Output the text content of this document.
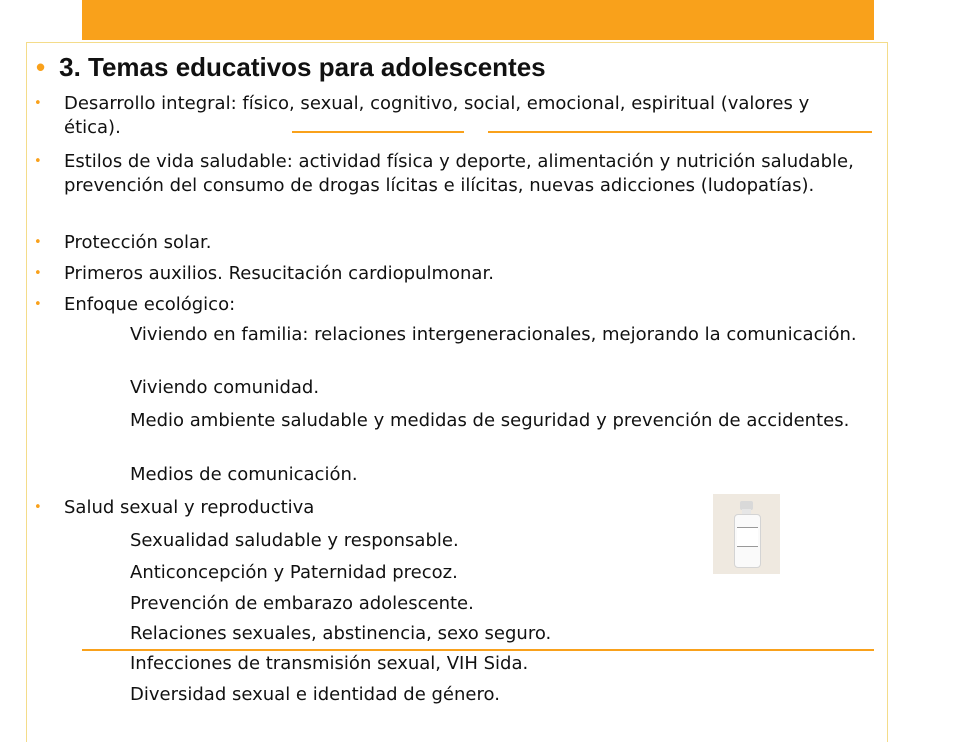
• 3. Temas educativos para adolescentes
• Desarrollo integral: físico, sexual, cognitivo, social, emocional, espiritual (valores y ética).
• Estilos de vida saludable: actividad física y deporte, alimentación y nutrición saludable, prevención del consumo de drogas lícitas e ilícitas, nuevas adicciones (ludopatías).
• Protección solar.
• Primeros auxilios. Resucitación cardiopulmonar.
• Enfoque ecológico:
Viviendo en familia: relaciones intergeneracionales, mejorando la comunicación.
Viviendo comunidad.
Medio ambiente saludable y medidas de seguridad y prevención de accidentes.
Medios de comunicación.
• Salud sexual y reproductiva
Sexualidad saludable y responsable.
Anticoncepción y Paternidad precoz.
Prevención de embarazo adolescente.
Relaciones sexuales, abstinencia, sexo seguro.
Infecciones de transmisión sexual, VIH Sida.
Diversidad sexual e identidad de género.
